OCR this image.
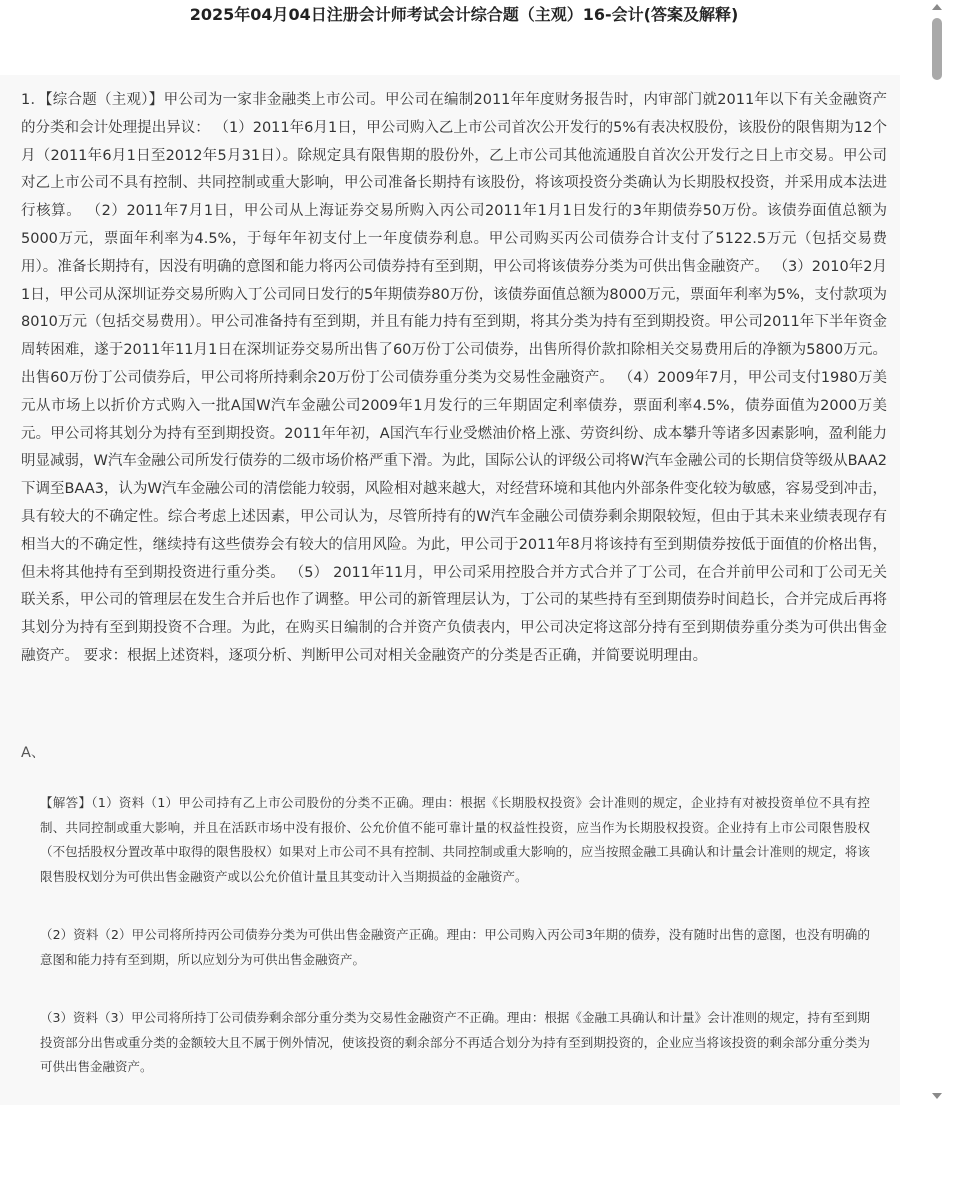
2025年04月04日注册会计师考试会计综合题（主观）16-会计(答案及解释)

1．【综合题（主观）】甲公司为一家非金融类上市公司。甲公司在编制2011年年度财务报告时，内审部门就2011年以下有关金融资产的分类和会计处理提出异议： （1）2011年6月1日，甲公司购入乙上市公司首次公开发行的5%有表决权股份，该股份的限售期为12个月（2011年6月1日至2012年5月31日）。除规定具有限售期的股份外，乙上市公司其他流通股自首次公开发行之日上市交易。甲公司对乙上市公司不具有控制、共同控制或重大影响，甲公司准备长期持有该股份，将该项投资分类确认为长期股权投资，并采用成本法进行核算。 （2）2011年7月1日，甲公司从上海证券交易所购入丙公司2011年1月1日发行的3年期债券50万份。该债券面值总额为5000万元，票面年利率为4.5%，于每年年初支付上一年度债券利息。甲公司购买丙公司债券合计支付了5122.5万元（包括交易费用）。准备长期持有，因没有明确的意图和能力将丙公司债券持有至到期，甲公司将该债券分类为可供出售金融资产。 （3）2010年2月1日，甲公司从深圳证券交易所购入丁公司同日发行的5年期债券80万份，该债券面值总额为8000万元，票面年利率为5%，支付款项为8010万元（包括交易费用）。甲公司准备持有至到期，并且有能力持有至到期，将其分类为持有至到期投资。甲公司2011年下半年资金周转困难，遂于2011年11月1日在深圳证券交易所出售了60万份丁公司债券，出售所得价款扣除相关交易费用后的净额为5800万元。出售60万份丁公司债券后，甲公司将所持剩余20万份丁公司债券重分类为交易性金融资产。 （4）2009年7月，甲公司支付1980万美元从市场上以折价方式购入一批A国W汽车金融公司2009年1月发行的三年期固定利率债券，票面利率4.5%，债券面值为2000万美元。甲公司将其划分为持有至到期投资。2011年年初，A国汽车行业受燃油价格上涨、劳资纠纷、成本攀升等诸多因素影响，盈利能力明显减弱，W汽车金融公司所发行债券的二级市场价格严重下滑。为此，国际公认的评级公司将W汽车金融公司的长期信贷等级从BAA2下调至BAA3，认为W汽车金融公司的清偿能力较弱，风险相对越来越大，对经营环境和其他内外部条件变化较为敏感，容易受到冲击，具有较大的不确定性。综合考虑上述因素，甲公司认为，尽管所持有的W汽车金融公司债券剩余期限较短，但由于其未来业绩表现存有相当大的不确定性，继续持有这些债券会有较大的信用风险。为此，甲公司于2011年8月将该持有至到期债券按低于面值的价格出售，但未将其他持有至到期投资进行重分类。 （5） 2011年11月，甲公司采用控股合并方式合并了丁公司，在合并前甲公司和丁公司无关联关系，甲公司的管理层在发生合并后也作了调整。甲公司的新管理层认为，丁公司的某些持有至到期债券时间趋长，合并完成后再将其划分为持有至到期投资不合理。为此，在购买日编制的合并资产负债表内，甲公司决定将这部分持有至到期债券重分类为可供出售金融资产。 要求：根据上述资料，逐项分析、判断甲公司对相关金融资产的分类是否正确，并简要说明理由。

A、

【解答】（1）资料（1）甲公司持有乙上市公司股份的分类不正确。理由：根据《长期股权投资》会计准则的规定，企业持有对被投资单位不具有控制、共同控制或重大影响，并且在活跃市场中没有报价、公允价值不能可靠计量的权益性投资，应当作为长期股权投资。企业持有上市公司限售股权（不包括股权分置改革中取得的限售股权）如果对上市公司不具有控制、共同控制或重大影响的，应当按照金融工具确认和计量会计准则的规定，将该限售股权划分为可供出售金融资产或以公允价值计量且其变动计入当期损益的金融资产。

（2）资料（2）甲公司将所持丙公司债券分类为可供出售金融资产正确。理由：甲公司购入丙公司3年期的债券，没有随时出售的意图，也没有明确的意图和能力持有至到期，所以应划分为可供出售金融资产。

（3）资料（3）甲公司将所持丁公司债券剩余部分重分类为交易性金融资产不正确。理由：根据《金融工具确认和计量》会计准则的规定，持有至到期投资部分出售或重分类的金额较大且不属于例外情况，使该投资的剩余部分不再适合划分为持有至到期投资的，企业应当将该投资的剩余部分重分类为可供出售金融资产。
